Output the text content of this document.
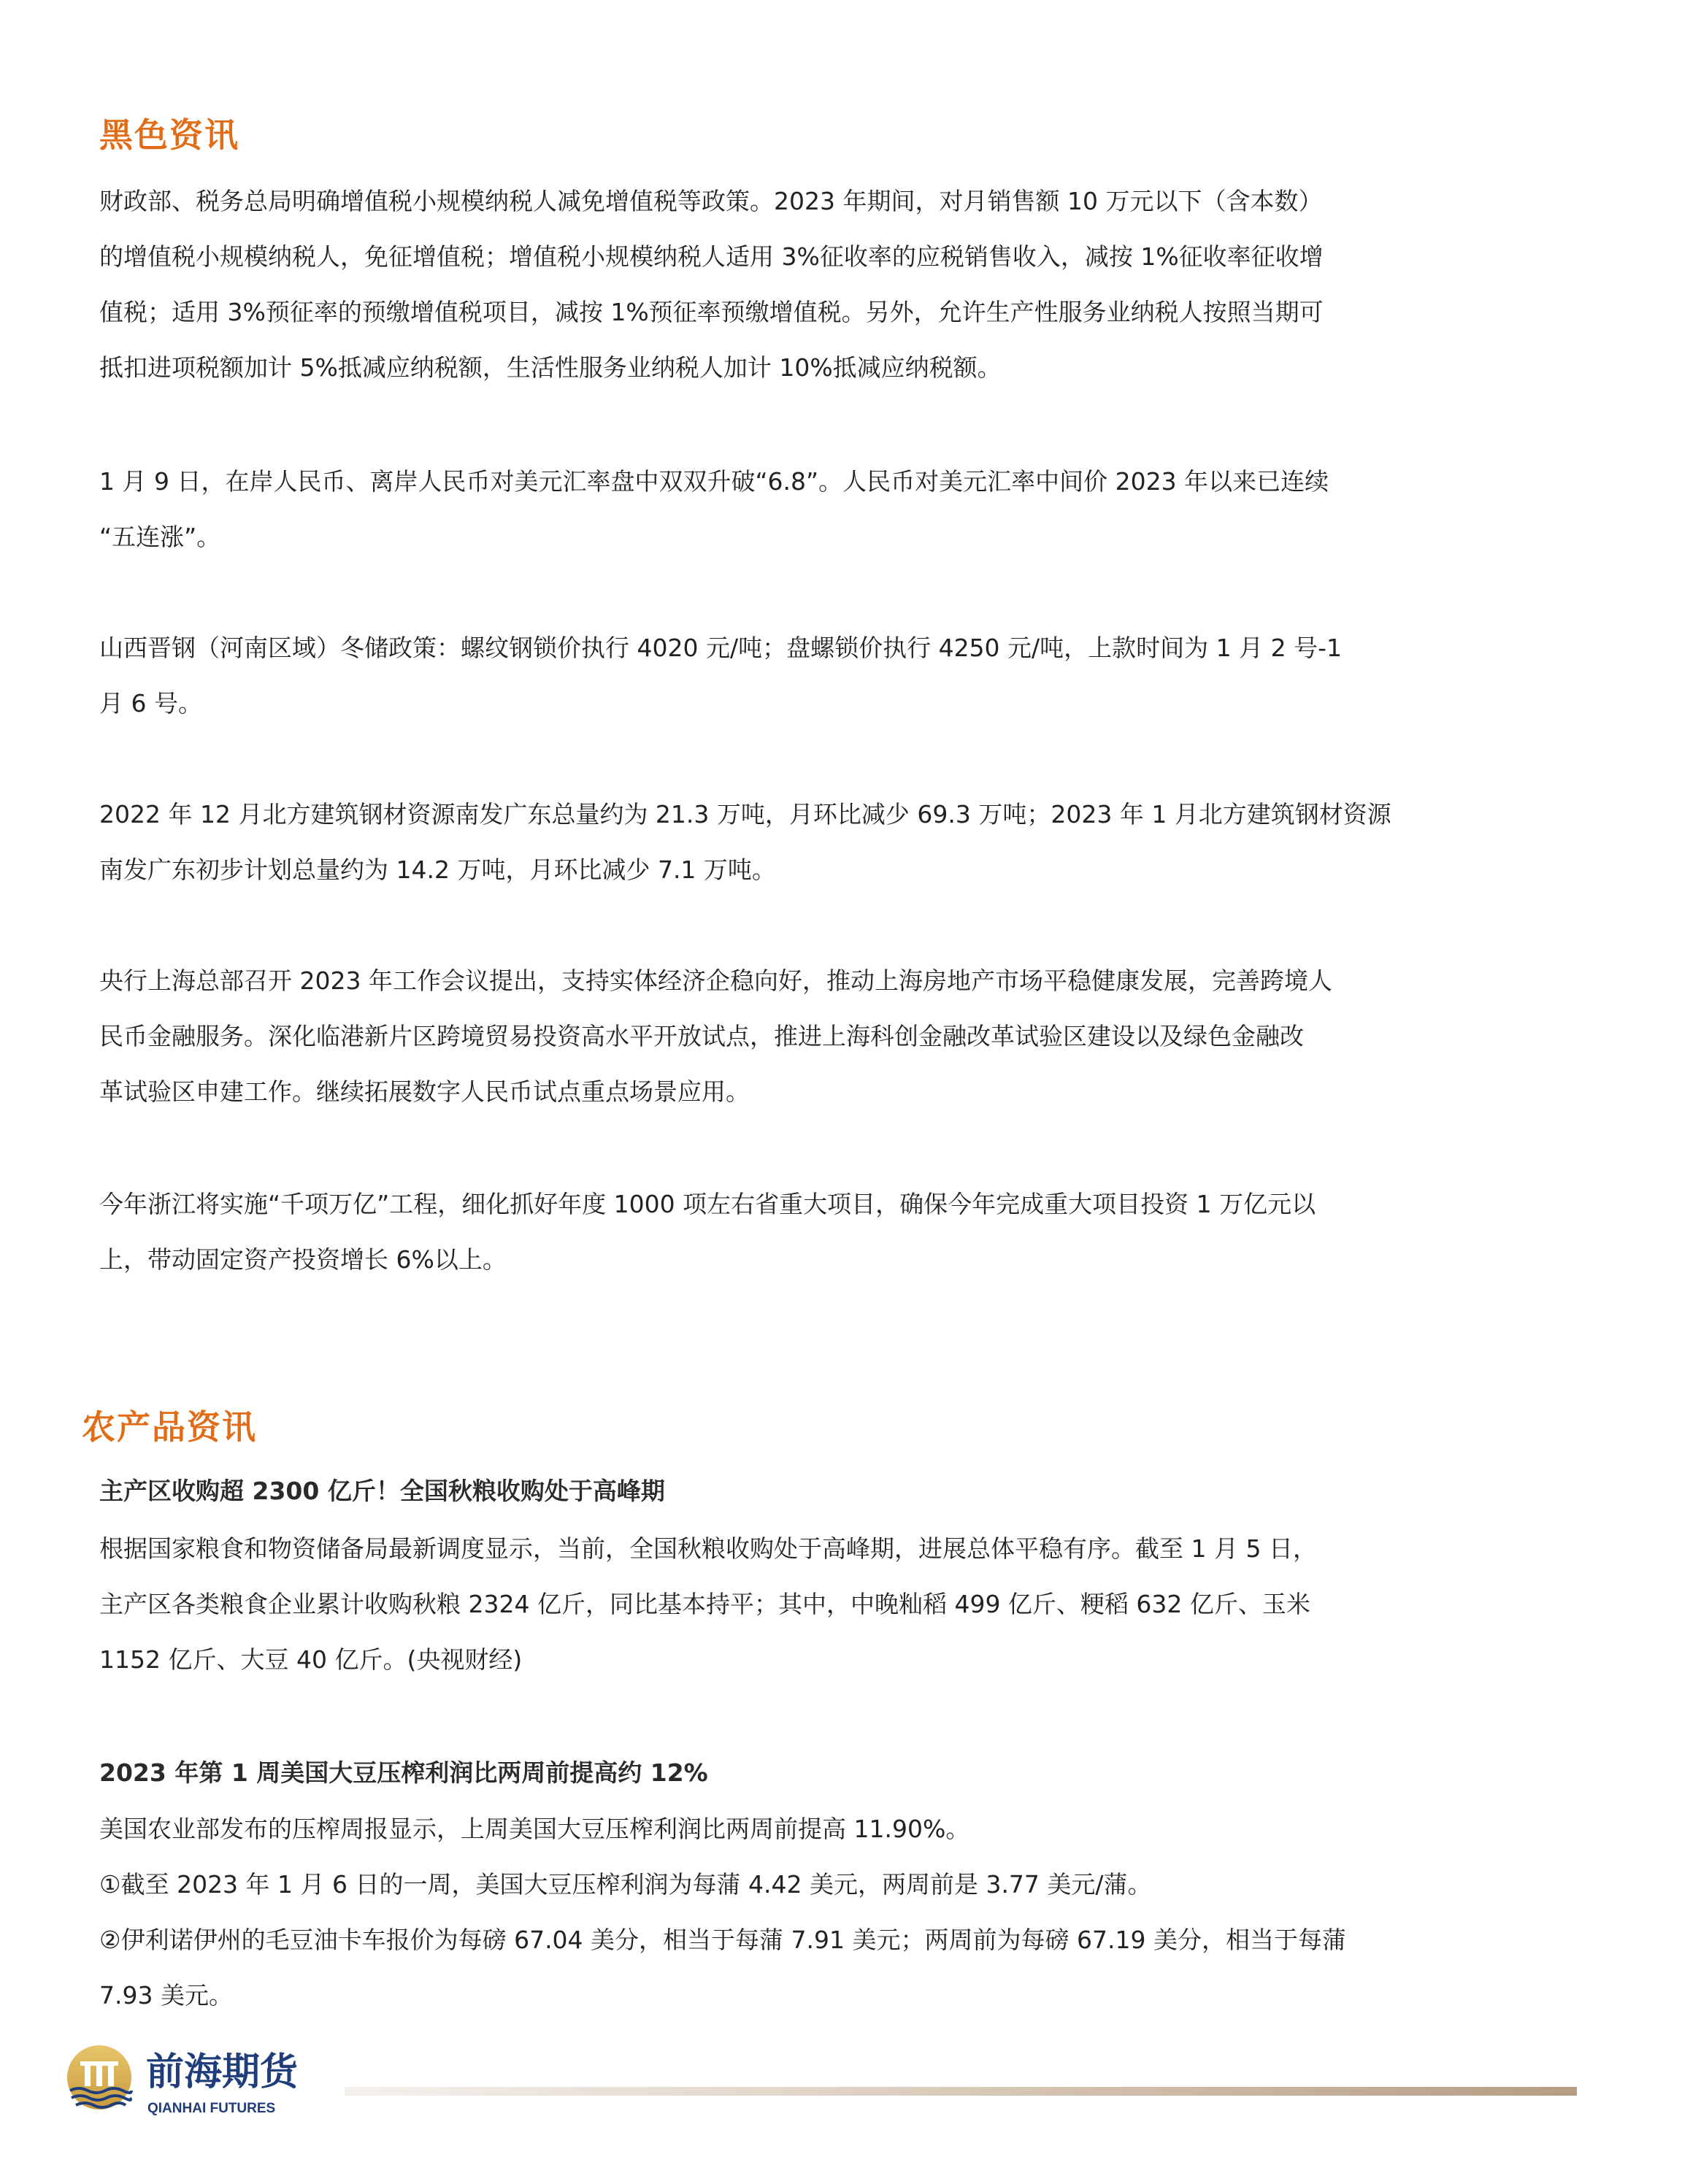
黑色资讯

财政部、税务总局明确增值税小规模纳税人减免增值税等政策。2023 年期间，对月销售额 10 万元以下（含本数）
的增值税小规模纳税人，免征增值税；增值税小规模纳税人适用 3%征收率的应税销售收入，减按 1%征收率征收增
值税；适用 3%预征率的预缴增值税项目，减按 1%预征率预缴增值税。另外，允许生产性服务业纳税人按照当期可
抵扣进项税额加计 5%抵减应纳税额，生活性服务业纳税人加计 10%抵减应纳税额。

1 月 9 日，在岸人民币、离岸人民币对美元汇率盘中双双升破“6.8”。人民币对美元汇率中间价 2023 年以来已连续
“五连涨”。

山西晋钢（河南区域）冬储政策：螺纹钢锁价执行 4020 元/吨；盘螺锁价执行 4250 元/吨，上款时间为 1 月 2 号-1
月 6 号。

2022 年 12 月北方建筑钢材资源南发广东总量约为 21.3 万吨，月环比减少 69.3 万吨；2023 年 1 月北方建筑钢材资源
南发广东初步计划总量约为 14.2 万吨，月环比减少 7.1 万吨。

央行上海总部召开 2023 年工作会议提出，支持实体经济企稳向好，推动上海房地产市场平稳健康发展，完善跨境人
民币金融服务。深化临港新片区跨境贸易投资高水平开放试点，推进上海科创金融改革试验区建设以及绿色金融改
革试验区申建工作。继续拓展数字人民币试点重点场景应用。

今年浙江将实施“千项万亿”工程，细化抓好年度 1000 项左右省重大项目，确保今年完成重大项目投资 1 万亿元以
上，带动固定资产投资增长 6%以上。

农产品资讯
主产区收购超 2300 亿斤！全国秋粮收购处于高峰期

根据国家粮食和物资储备局最新调度显示，当前，全国秋粮收购处于高峰期，进展总体平稳有序。截至 1 月 5 日，
主产区各类粮食企业累计收购秋粮 2324 亿斤，同比基本持平；其中，中晚籼稻 499 亿斤、粳稻 632 亿斤、玉米
1152 亿斤、大豆 40 亿斤。(央视财经)

2023 年第 1 周美国大豆压榨利润比两周前提高约 12%

美国农业部发布的压榨周报显示，上周美国大豆压榨利润比两周前提高 11.90%。
①截至 2023 年 1 月 6 日的一周，美国大豆压榨利润为每蒲 4.42 美元，两周前是 3.77 美元/蒲。
②伊利诺伊州的毛豆油卡车报价为每磅 67.04 美分，相当于每蒲 7.91 美元；两周前为每磅 67.19 美分，相当于每蒲
7.93 美元。

前海期货
QIANHAI FUTURES
